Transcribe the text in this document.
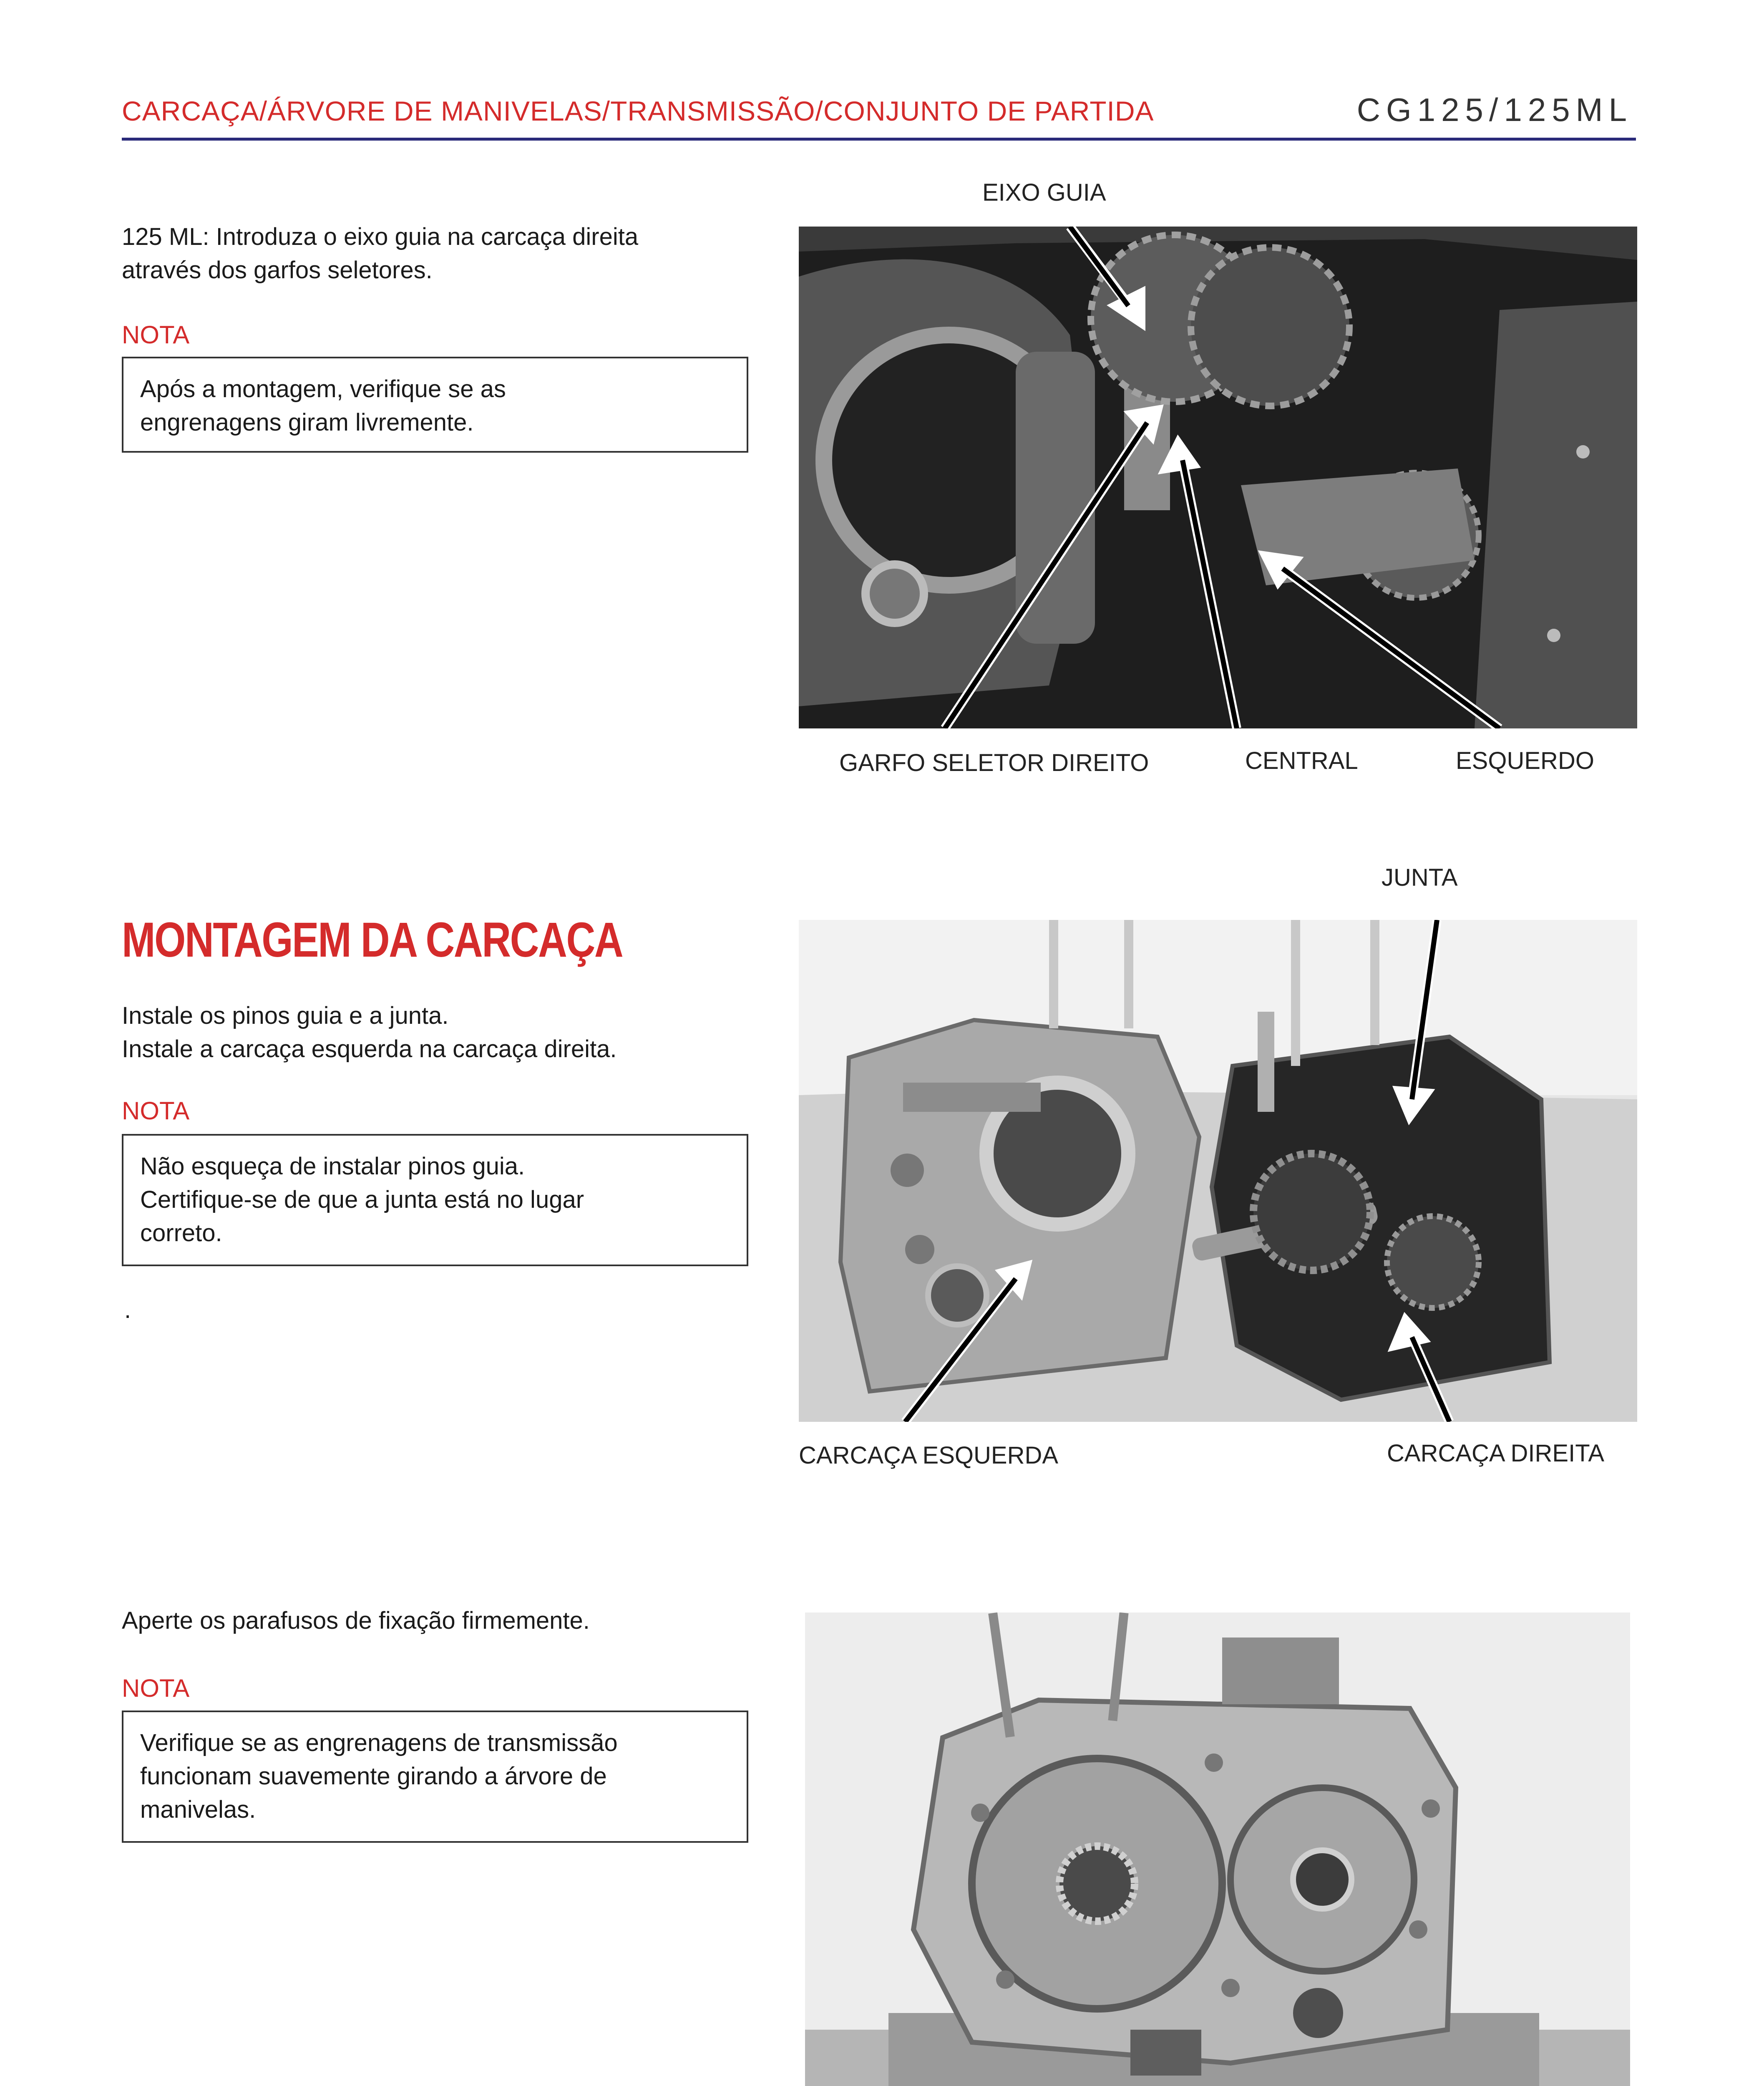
CARCAÇA/ÁRVORE DE MANIVELAS/TRANSMISSÃO/CONJUNTO DE PARTIDA	CG125/125ML
125 ML: Introduza o eixo guia na carcaça direita
através dos garfos seletores.
NOTA
Após a montagem, verifique se as
engrenagens giram livremente.
EIXO GUIA
GARFO SELETOR DIREITO	CENTRAL	ESQUERDO
MONTAGEM DA CARCAÇA
Instale os pinos guia e a junta.
Instale a carcaça esquerda na carcaça direita.
NOTA
Não esqueça de instalar pinos guia.
Certifique-se de que a junta está no lugar
correto.
.
JUNTA
CARCAÇA ESQUERDA	CARCAÇA DIREITA
Aperte os parafusos de fixação firmemente.
NOTA
Verifique se as engrenagens de transmissão
funcionam suavemente girando a árvore de
manivelas.
